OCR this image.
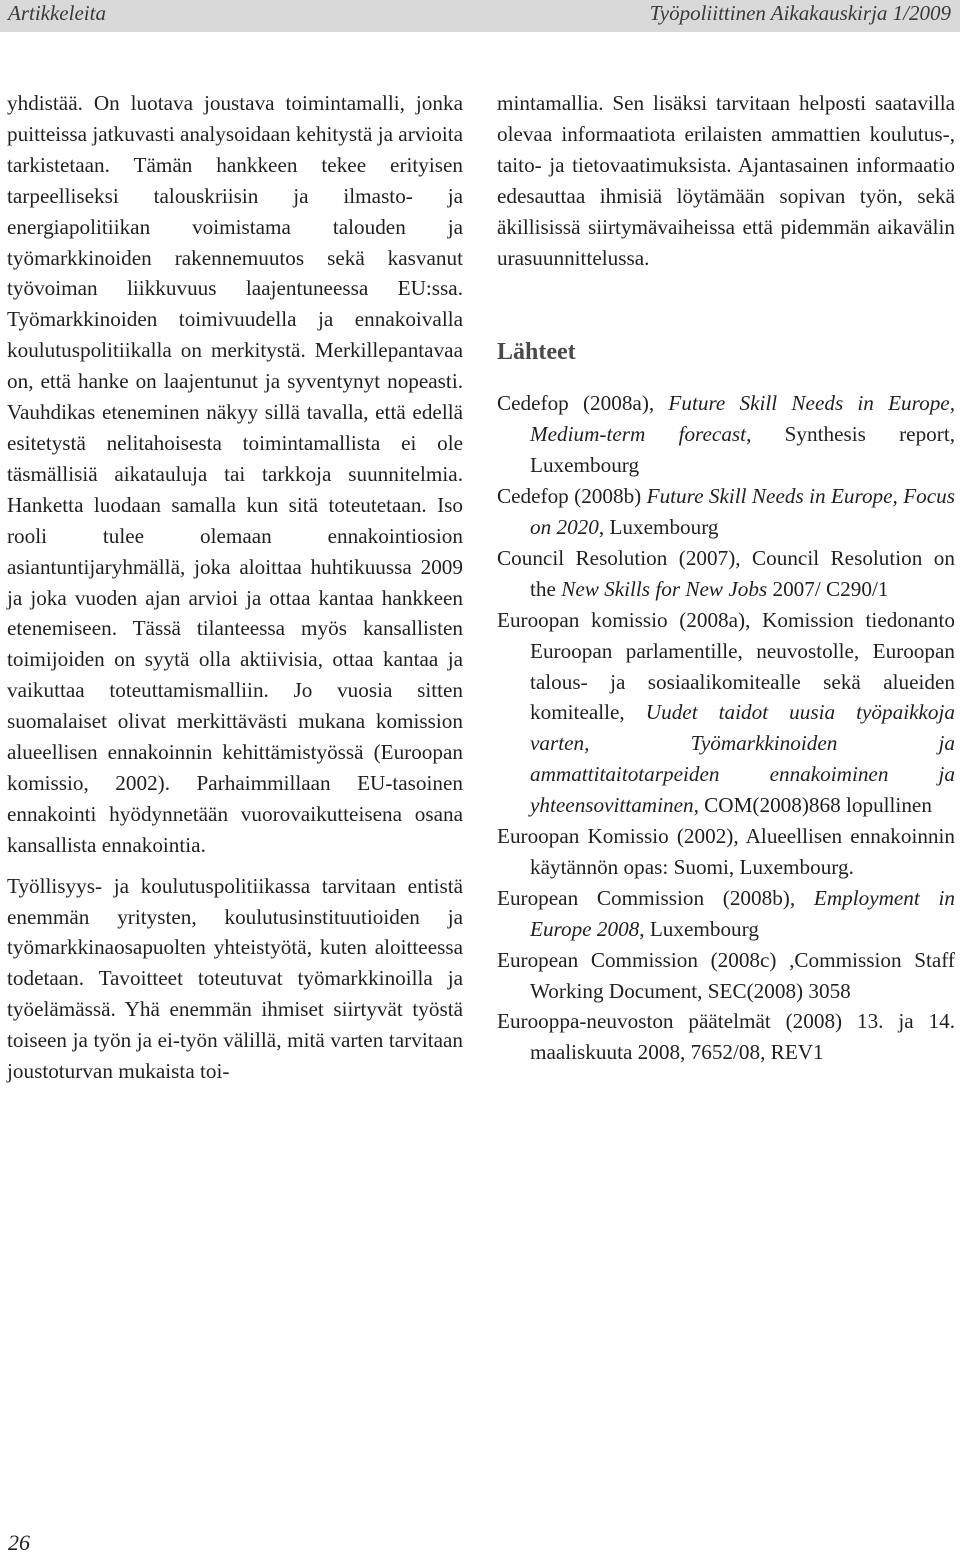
Artikkeleita	Työpoliittinen Aikakauskirja 1/2009

yhdistää. On luotava joustava toimintamalli, jonka puitteissa jatkuvasti analysoidaan kehitystä ja arvioita tarkistetaan. Tämän hankkeen tekee erityisen tarpeelliseksi talouskriisin ja ilmasto- ja energiapolitiikan voimistama talouden ja työmarkkinoiden rakennemuutos sekä kasvanut työvoiman liikkuvuus laajentuneessa EU:ssa. Työmarkkinoiden toimivuudella ja ennakoivalla koulutuspolitiikalla on merkitystä. Merkillepantavaa on, että hanke on laajentunut ja syventynyt nopeasti. Vauhdikas eteneminen näkyy sillä tavalla, että edellä esitetystä nelitahoisesta toimintamallista ei ole täsmällisiä aikatauluja tai tarkkoja suunnitelmia. Hanketta luodaan samalla kun sitä toteutetaan. Iso rooli tulee olemaan ennakointiosion asiantuntijaryhmällä, joka aloittaa huhtikuussa 2009 ja joka vuoden ajan arvioi ja ottaa kantaa hankkeen etenemiseen. Tässä tilanteessa myös kansallisten toimijoiden on syytä olla aktiivisia, ottaa kantaa ja vaikuttaa toteuttamismalliin. Jo vuosia sitten suomalaiset olivat merkittävästi mukana komission alueellisen ennakoinnin kehittämistyössä (Euroopan komissio, 2002). Parhaimmillaan EU-tasoinen ennakointi hyödynnetään vuorovaikutteisena osana kansallista ennakointia.

Työllisyys- ja koulutuspolitiikassa tarvitaan entistä enemmän yritysten, koulutusinstituutioiden ja työmarkkinaosapuolten yhteistyötä, kuten aloitteessa todetaan. Tavoitteet toteutuvat työmarkkinoilla ja työelämässä. Yhä enemmän ihmiset siirtyvät työstä toiseen ja työn ja ei-työn välillä, mitä varten tarvitaan joustoturvan mukaista toi-

mintamallia. Sen lisäksi tarvitaan helposti saatavilla olevaa informaatiota erilaisten ammattien koulutus-, taito- ja tietovaatimuksista. Ajantasainen informaatio edesauttaa ihmisiä löytämään sopivan työn, sekä äkillisissä siirtymävaiheissa että pidemmän aikavälin urasuunnittelussa.

Lähteet

Cedefop (2008a), Future Skill Needs in Europe, Medium-term forecast, Synthesis report, Luxembourg

Cedefop (2008b) Future Skill Needs in Europe, Focus on 2020, Luxembourg

Council Resolution (2007), Council Resolution on the New Skills for New Jobs 2007/ C290/1

Euroopan komissio (2008a), Komission tiedonanto Euroopan parlamentille, neuvostolle, Euroopan talous- ja sosiaalikomitealle sekä alueiden komitealle, Uudet taidot uusia työpaikkoja varten, Työmarkkinoiden ja ammattitaitotarpeiden ennakoiminen ja yhteensovittaminen, COM(2008)868 lopullinen

Euroopan Komissio (2002), Alueellisen ennakoinnin käytännön opas: Suomi, Luxembourg.

European Commission (2008b), Employment in Europe 2008, Luxembourg

European Commission (2008c) ,Commission Staff Working Document, SEC(2008) 3058

Eurooppa-neuvoston päätelmät (2008) 13. ja 14. maaliskuuta 2008, 7652/08, REV1

26
